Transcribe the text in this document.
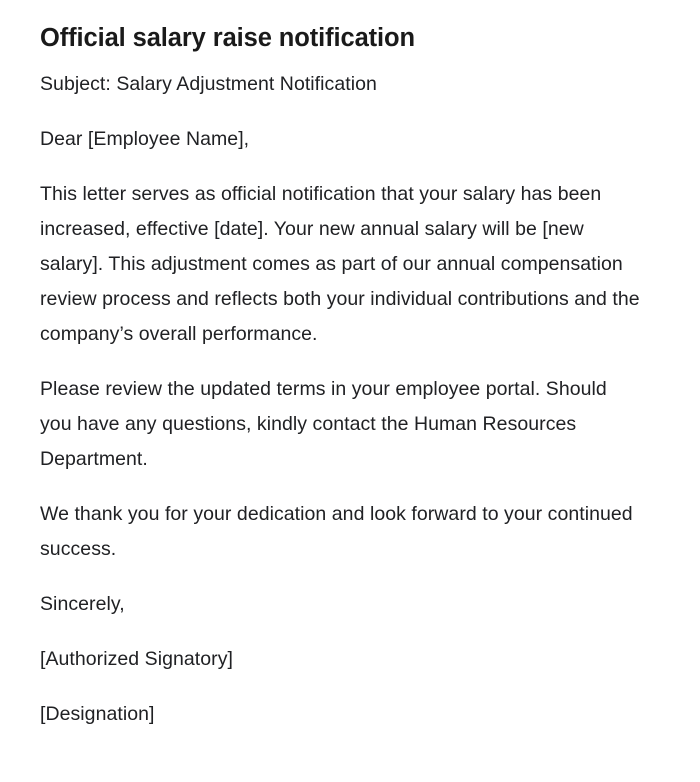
Official salary raise notification

Subject: Salary Adjustment Notification

Dear [Employee Name],

This letter serves as official notification that your salary has been increased, effective [date]. Your new annual salary will be [new salary]. This adjustment comes as part of our annual compensation review process and reflects both your individual contributions and the company’s overall performance.

Please review the updated terms in your employee portal. Should you have any questions, kindly contact the Human Resources Department.

We thank you for your dedication and look forward to your continued success.

Sincerely,

[Authorized Signatory]

[Designation]
